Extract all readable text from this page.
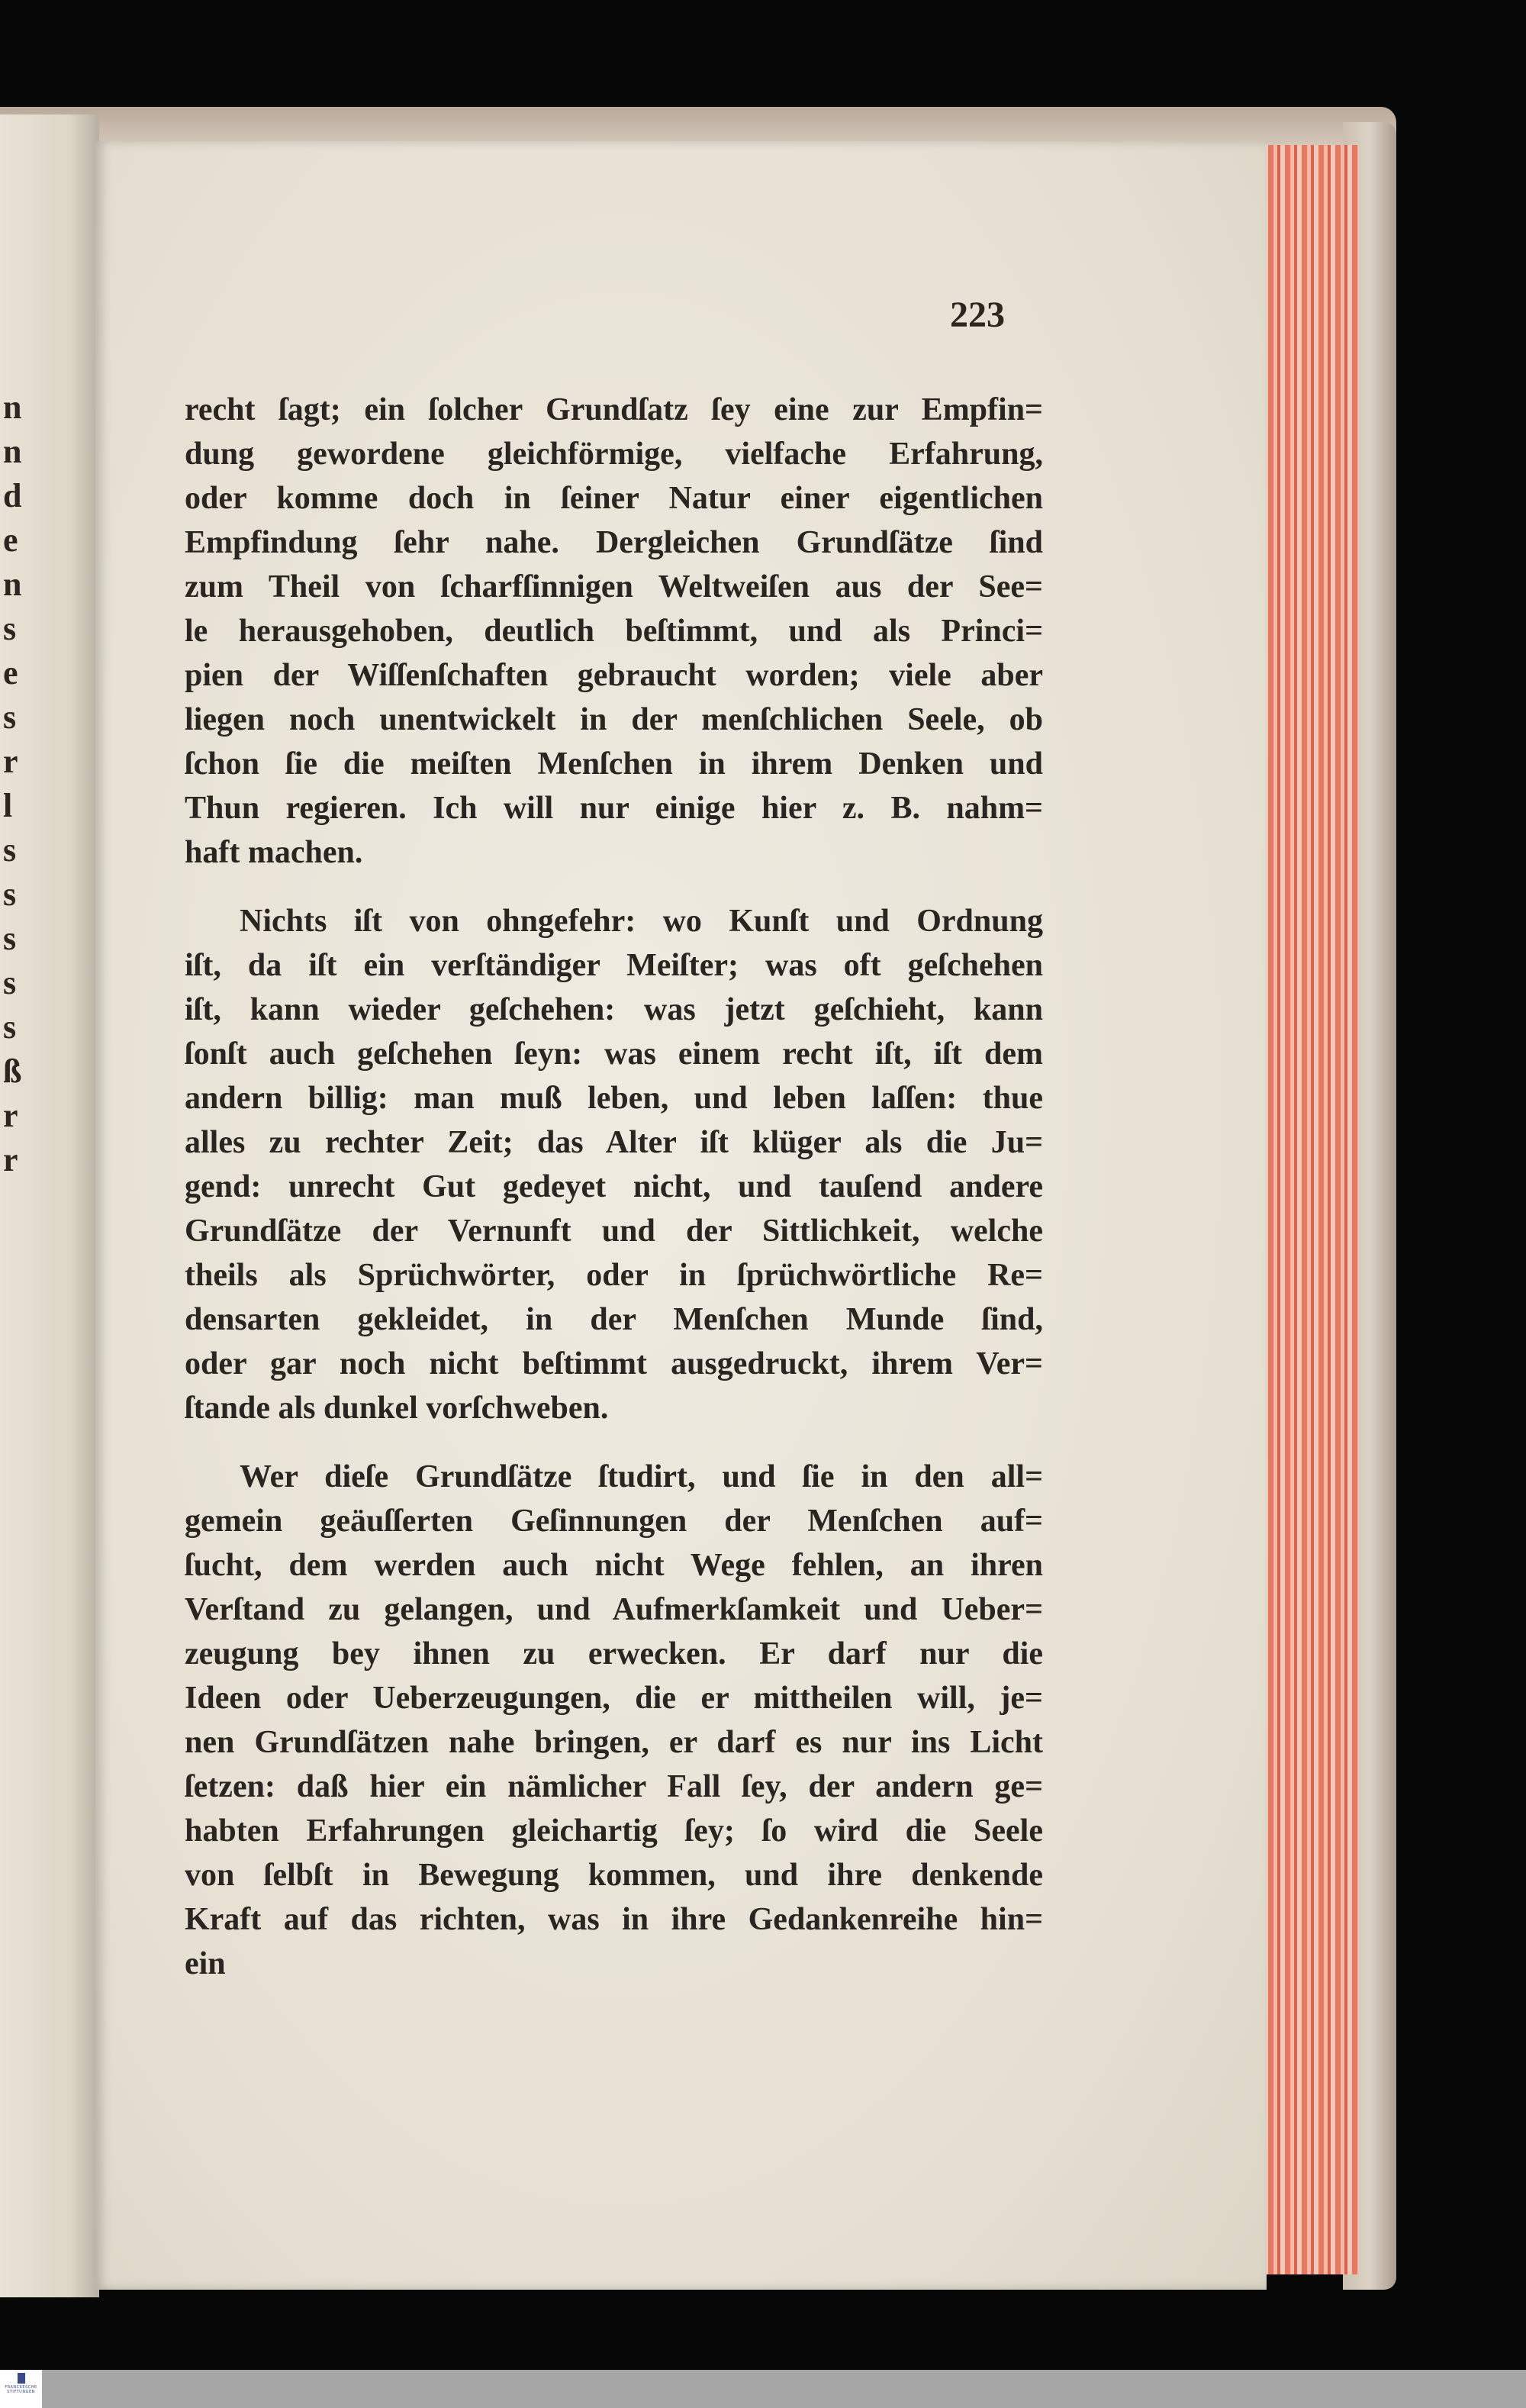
n
n
d
e
n
s
e
s
r
l
s
s
s
s
s
ß
r
r
223
recht ſagt; ein ſolcher Grundſatz ſey eine zur Empfin=
dung gewordene gleichförmige, vielfache Erfahrung,
oder komme doch in ſeiner Natur einer eigentlichen
Empfindung ſehr nahe. Dergleichen Grundſätze ſind
zum Theil von ſcharfſinnigen Weltweiſen aus der See=
le herausgehoben, deutlich beſtimmt, und als Princi=
pien der Wiſſenſchaften gebraucht worden; viele aber
liegen noch unentwickelt in der menſchlichen Seele, ob
ſchon ſie die meiſten Menſchen in ihrem Denken und
Thun regieren. Ich will nur einige hier z. B. nahm=
haft machen.
Nichts iſt von ohngefehr: wo Kunſt und Ordnung
iſt, da iſt ein verſtändiger Meiſter; was oft geſchehen
iſt, kann wieder geſchehen: was jetzt geſchieht, kann
ſonſt auch geſchehen ſeyn: was einem recht iſt, iſt dem
andern billig: man muß leben, und leben laſſen: thue
alles zu rechter Zeit; das Alter iſt klüger als die Ju=
gend: unrecht Gut gedeyet nicht, und tauſend andere
Grundſätze der Vernunft und der Sittlichkeit, welche
theils als Sprüchwörter, oder in ſprüchwörtliche Re=
densarten gekleidet, in der Menſchen Munde ſind,
oder gar noch nicht beſtimmt ausgedruckt, ihrem Ver=
ſtande als dunkel vorſchweben.
Wer dieſe Grundſätze ſtudirt, und ſie in den all=
gemein geäuſſerten Geſinnungen der Menſchen auf=
ſucht, dem werden auch nicht Wege fehlen, an ihren
Verſtand zu gelangen, und Aufmerkſamkeit und Ueber=
zeugung bey ihnen zu erwecken. Er darf nur die
Ideen oder Ueberzeugungen, die er mittheilen will, je=
nen Grundſätzen nahe bringen, er darf es nur ins Licht
ſetzen: daß hier ein nämlicher Fall ſey, der andern ge=
habten Erfahrungen gleichartig ſey; ſo wird die Seele
von ſelbſt in Bewegung kommen, und ihre denkende
Kraft auf das richten, was in ihre Gedankenreihe hin=
ein
FRANCKESCHE
STIFTUNGEN
